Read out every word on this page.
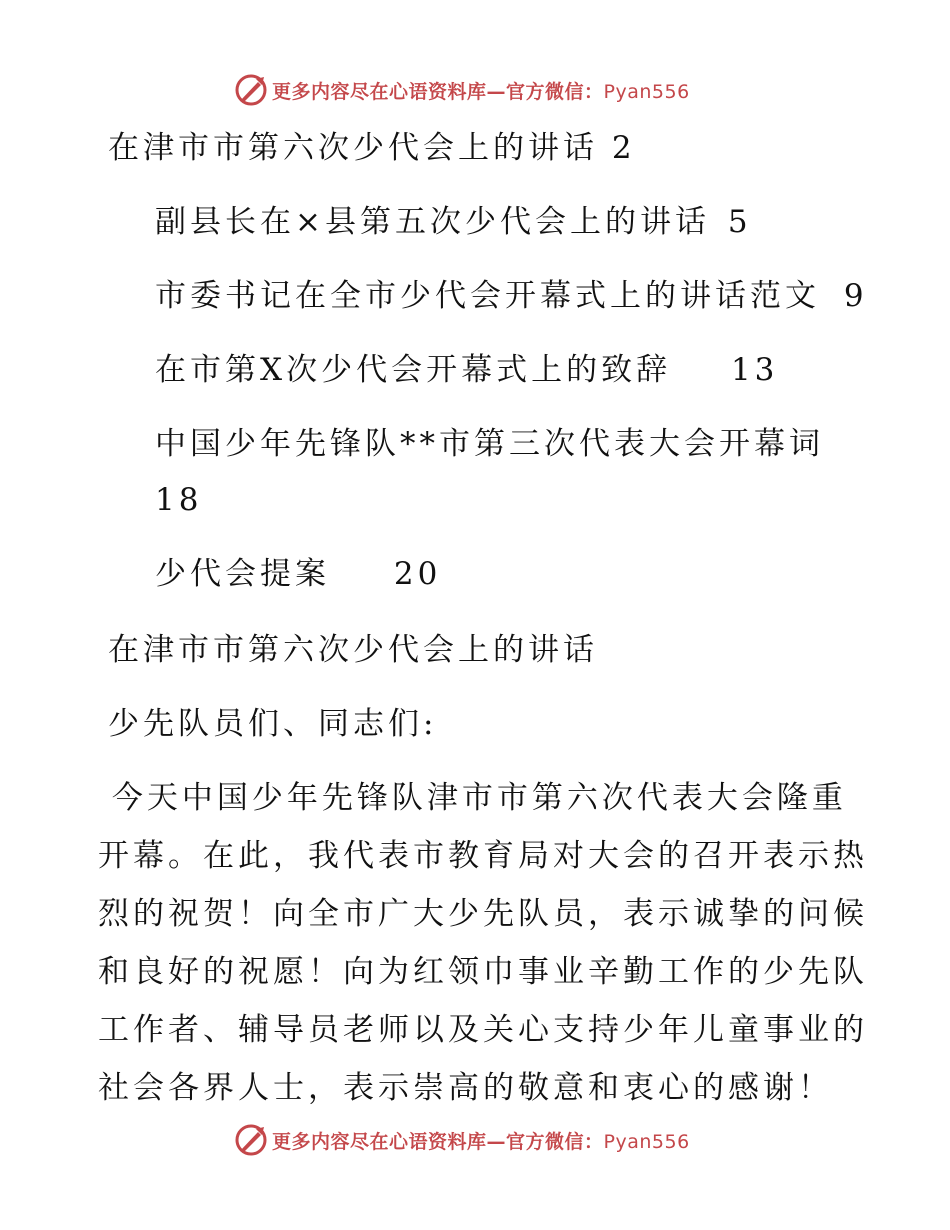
更多内容尽在心语资料库—官方微信：Pyan556
在津市市第六次少代会上的讲话 2
副县长在×县第五次少代会上的讲话 5
市委书记在全市少代会开幕式上的讲话范文 9
在市第X次少代会开幕式上的致辞 13
中国少年先锋队**市第三次代表大会开幕词
18
少代会提案 20
在津市市第六次少代会上的讲话
少先队员们、同志们:
今天中国少年先锋队津市市第六次代表大会隆重
开幕。在此，我代表市教育局对大会的召开表示热
烈的祝贺！向全市广大少先队员，表示诚挚的问候
和良好的祝愿！向为红领巾事业辛勤工作的少先队
工作者、辅导员老师以及关心支持少年儿童事业的
社会各界人士，表示崇高的敬意和衷心的感谢！
更多内容尽在心语资料库—官方微信：Pyan556
